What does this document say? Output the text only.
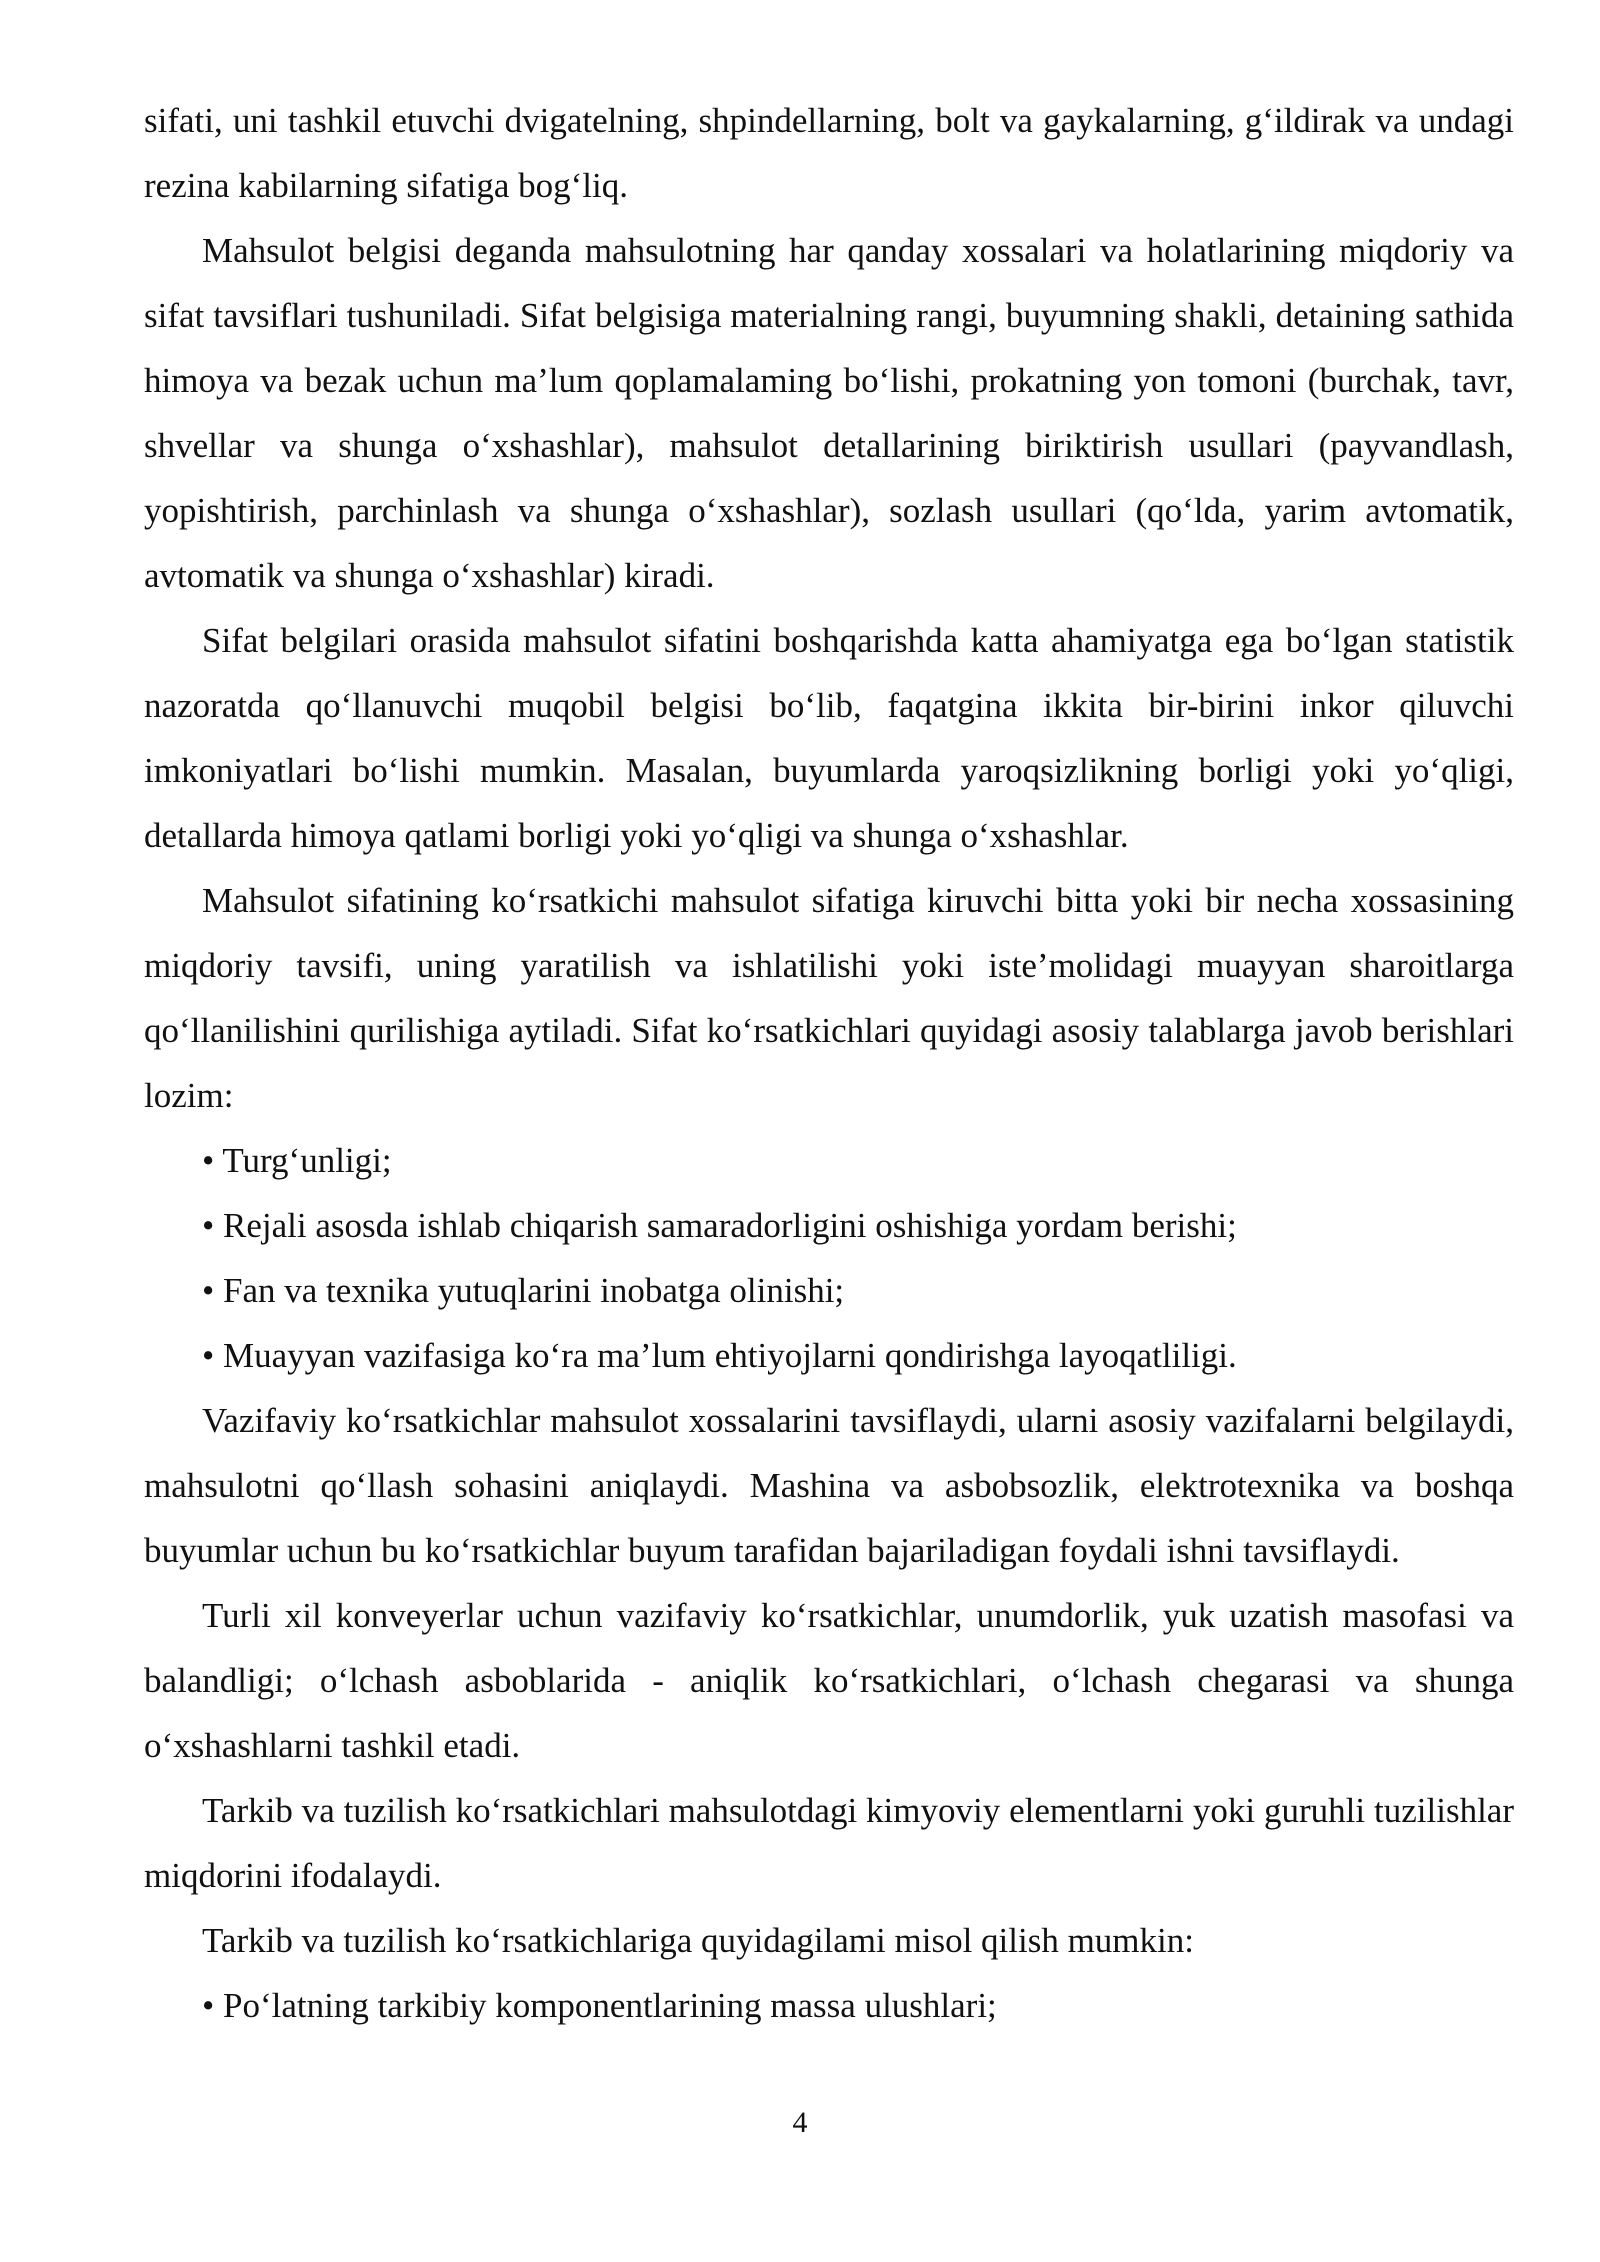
sifati, uni tashkil etuvchi dvigatelning, shpindellarning, bolt va gaykalarning, g‘ildirak va undagi rezina kabilarning sifatiga bog‘liq.

Mahsulot belgisi deganda mahsulotning har qanday xossalari va holatlarining miqdoriy va sifat tavsiflari tushuniladi. Sifat belgisiga materialning rangi, buyumning shakli, detaining sathida himoya va bezak uchun ma’lum qoplamalaming bo‘lishi, prokatning yon tomoni (burchak, tavr, shvellar va shunga o‘xshashlar), mahsulot detallarining biriktirish usullari (payvandlash, yopishtirish, parchinlash va shunga o‘xshashlar), sozlash usullari (qo‘lda, yarim avtomatik, avtomatik va shunga o‘xshashlar) kiradi.

Sifat belgilari orasida mahsulot sifatini boshqarishda katta ahamiyatga ega bo‘lgan statistik nazoratda qo‘llanuvchi muqobil belgisi bo‘lib, faqatgina ikkita bir-birini inkor qiluvchi imkoniyatlari bo‘lishi mumkin. Masalan, buyumlarda yaroqsizlikning borligi yoki yo‘qligi, detallarda himoya qatlami borligi yoki yo‘qligi va shunga o‘xshashlar.

Mahsulot sifatining ko‘rsatkichi mahsulot sifatiga kiruvchi bitta yoki bir necha xossasining miqdoriy tavsifi, uning yaratilish va ishlatilishi yoki iste’molidagi muayyan sharoitlarga qo‘llanilishini qurilishiga aytiladi. Sifat ko‘rsatkichlari quyidagi asosiy talablarga javob berishlari lozim:

• Turg‘unligi;

• Rejali asosda ishlab chiqarish samaradorligini oshishiga yordam berishi;

• Fan va texnika yutuqlarini inobatga olinishi;

• Muayyan vazifasiga ko‘ra ma’lum ehtiyojlarni qondirishga layoqatliligi.

Vazifaviy ko‘rsatkichlar mahsulot xossalarini tavsiflaydi, ularni asosiy vazifalarni belgilaydi, mahsulotni qo‘llash sohasini aniqlaydi. Mashina va asbobsozlik, elektrotexnika va boshqa buyumlar uchun bu ko‘rsatkichlar buyum tarafidan bajariladigan foydali ishni tavsiflaydi.

Turli xil konveyerlar uchun vazifaviy ko‘rsatkichlar, unumdorlik, yuk uzatish masofasi va balandligi; o‘lchash asboblarida - aniqlik ko‘rsatkichlari, o‘lchash chegarasi va shunga o‘xshashlarni tashkil etadi.

Tarkib va tuzilish ko‘rsatkichlari mahsulotdagi kimyoviy elementlarni yoki guruhli tuzilishlar miqdorini ifodalaydi.

Tarkib va tuzilish ko‘rsatkichlariga quyidagilami misol qilish mumkin:

• Po‘latning tarkibiy komponentlarining massa ulushlari;

4
